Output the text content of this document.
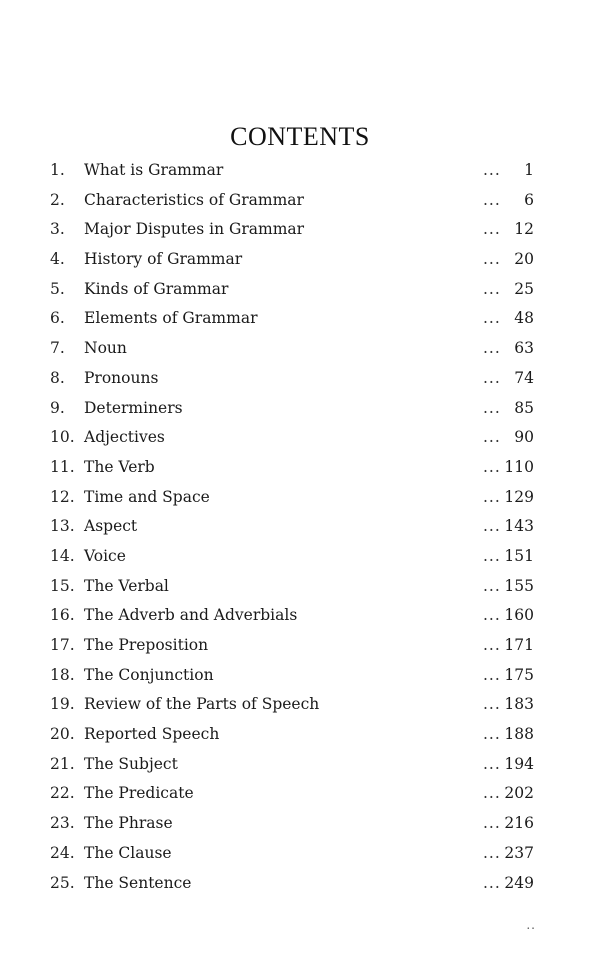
CONTENTS
1. What is Grammar	... 1
2. Characteristics of Grammar	... 6
3. Major Disputes in Grammar	... 12
4. History of Grammar	... 20
5. Kinds of Grammar	... 25
6. Elements of Grammar	... 48
7. Noun	... 63
8. Pronouns	... 74
9. Determiners	... 85
10. Adjectives	... 90
11. The Verb	... 110
12. Time and Space	... 129
13. Aspect	... 143
14. Voice	... 151
15. The Verbal	... 155
16. The Adverb and Adverbials	... 160
17. The Preposition	... 171
18. The Conjunction	... 175
19. Review of the Parts of Speech	... 183
20. Reported Speech	... 188
21. The Subject	... 194
22. The Predicate	... 202
23. The Phrase	... 216
24. The Clause	... 237
25. The Sentence	... 249
..
